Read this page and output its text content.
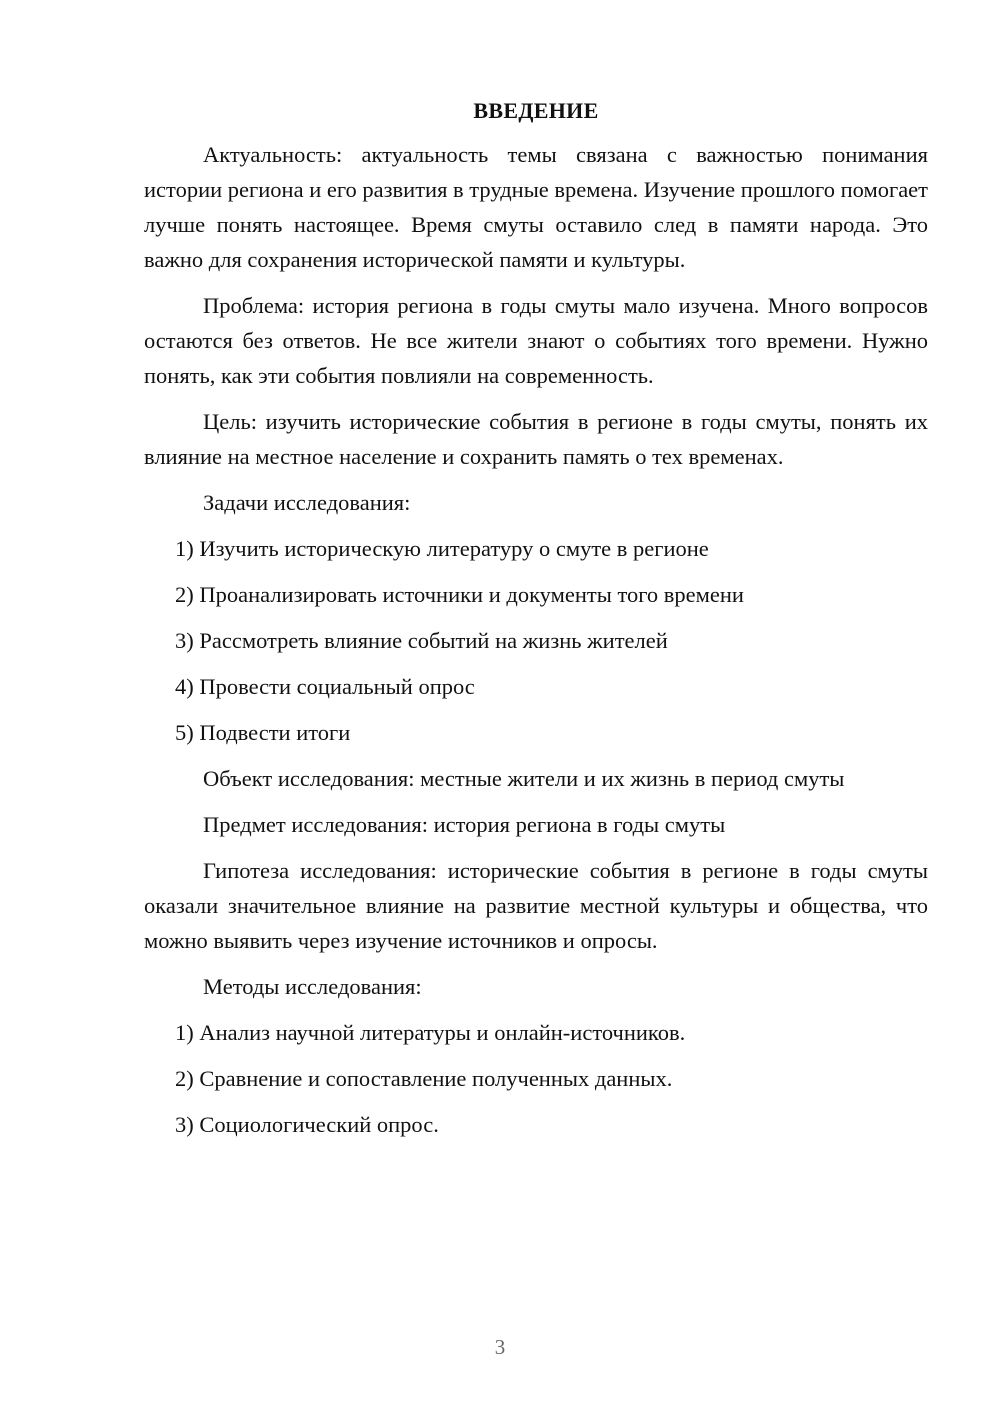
ВВЕДЕНИЕ

Актуальность: актуальность темы связана с важностью понимания истории региона и его развития в трудные времена. Изучение прошлого помогает лучше понять настоящее. Время смуты оставило след в памяти народа. Это важно для сохранения исторической памяти и культуры.

Проблема: история региона в годы смуты мало изучена. Много вопросов остаются без ответов. Не все жители знают о событиях того времени. Нужно понять, как эти события повлияли на современность.

Цель: изучить исторические события в регионе в годы смуты, понять их влияние на местное население и сохранить память о тех временах.

Задачи исследования:
1) Изучить историческую литературу о смуте в регионе
2) Проанализировать источники и документы того времени
3) Рассмотреть влияние событий на жизнь жителей
4) Провести социальный опрос
5) Подвести итоги
Объект исследования: местные жители и их жизнь в период смуты
Предмет исследования: история региона в годы смуты

Гипотеза исследования: исторические события в регионе в годы смуты оказали значительное влияние на развитие местной культуры и общества, что можно выявить через изучение источников и опросы.

Методы исследования:
1) Анализ научной литературы и онлайн-источников.
2) Сравнение и сопоставление полученных данных.
3) Социологический опрос.
3
